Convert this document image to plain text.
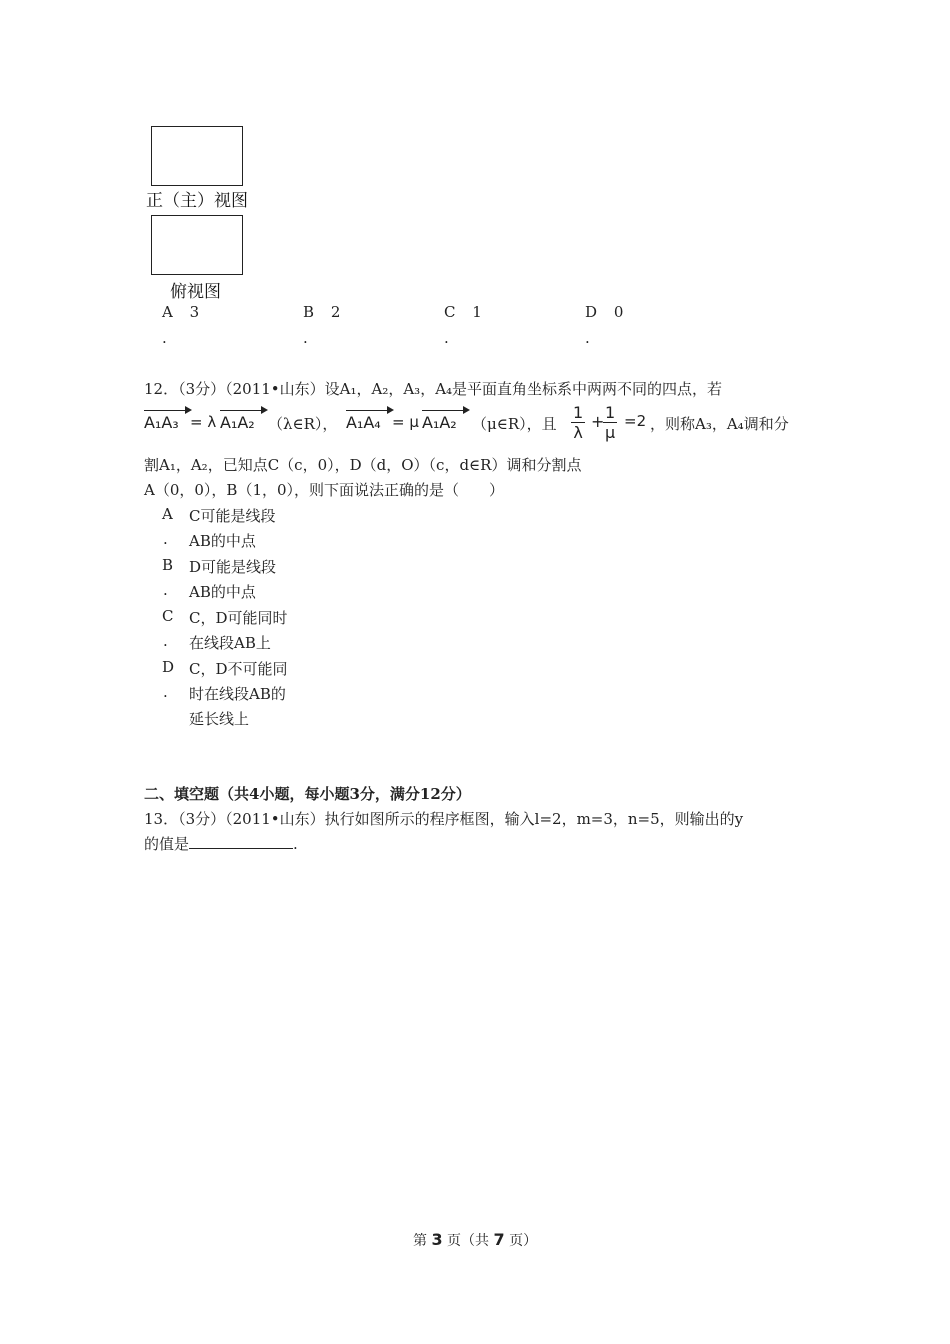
正（主）视图
俯视图
A 3
.
B 2
.
C 1
.
D 0
.
12．（3分）（2011•山东）设A₁，A₂，A₃，A₄是平面直角坐标系中两两不同的四点，若
A₁A₃ = λ A₁A₂ （λ∈R）， A₁A₄ = μ A₁A₂ （μ∈R），且 $\frac{1}{\lambda}$ +
$\frac{1}{\mu} =2$ ，则称A₃，A₄调和分
割A₁，A₂，已知点C（c，0），D（d，O）（c，d∈R）调和分割点
A（0，0），B（1，0），则下面说法正确的是（　　）
A C可能是线段
. AB的中点
B D可能是线段
. AB的中点
C C，D可能同时
. 在线段AB上
D C，D不可能同
. 时在线段AB的
延长线上
二、填空题（共4小题，每小题3分，满分12分）
13．（3分）（2011•山东）执行如图所示的程序框图，输入l=2，m=3，n=5，则输出的y
的值是	.
第 3 页（共 7 页）
